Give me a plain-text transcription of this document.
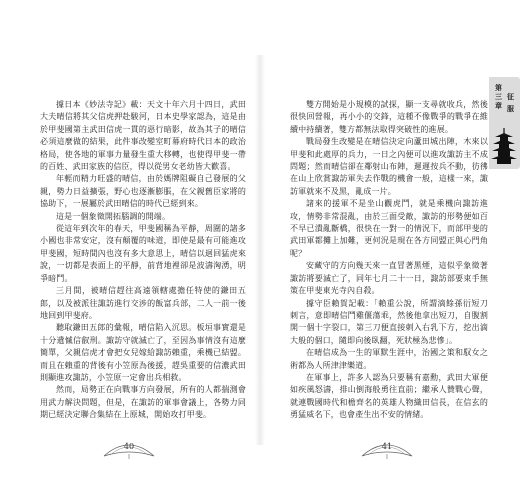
據日本《妙法寺記》載：天文十年六月十四日，武田大夫晴信將其父信虎押赴駿河，日本史學家認為，這是由於甲斐國第主武田信虎一貫的惡行暗影，故為其子的晴信必須這麼做的結果，此件事改變室町幕府時代日本的政治格局，使各地的軍事力量發生重大移轉，也使得甲斐一帶的百姓、武田家族的信臣，得以從男女老幼皆大歡喜。

年輕而精力旺盛的晴信，由於媽牌阻礙自己發展的父親，勢力日益擴張，野心也逐漸膨脹，在父親舊臣家將的協助下，一展屬於武田晴信的時代已經到來。

這是一個象徵開拓腦調的開端。

從這年到次年的春天，甲斐國稱為平靜，周圍的諸多小國也非常安定，沒有顛覆的味道，即使是最有可能進攻甲斐國，短時間內也沒有多大意思上，晴信以迴回猛虎來說，一切都是表面上的平靜，前背地裡卻是波濤洶湧，明爭暗鬥。

三月間，被晴信趕往高遠領轄處擔任特使的鎌田五郎，以及被派往諏訪進行交涉的飯富兵部，二人一前一後地回到甲斐府。

聽取鎌田五郎的彙報，晴信陷入沉思。板垣事實還是十分遺慽信叡刑。諏訪守就滅亡了，至因為事情沒有這麼簡單，父親信虎才會把女兒嫁給諏訪賴重，乘機已結盟。而且在賴重的背後有小笠原為後援，趕吳重要的信濃武田則顯進攻諏訪，小笠原一定會出兵相救。

然而，局勢正在向戰事方向發展，所有的人都揣測會用武力解決問題，但是，在諏訪的軍事會議上，各勢力同期已經決定聯合集結在上原城，開始攻打甲斐。

40

雙方開始是小規模的試探，顯一支尋就收兵，然後很快回營報，再小小的交鋒，這種不像戰爭的戰爭在維續中持續著，雙方都無法取得突破性的進展。

戰局發生改變是在晴信決定向蘆田城出陣，木來以甲斐和此處厚的兵力，一日之內便可以進攻諏訪主不成問題；然而晴信卻在鄰射山布陣，遲遲按兵不動，彷彿在山上欣賞諏訪軍失去作戰的機會一般，這樣一來，諏訪軍就來不及黑，亂成一片。

諸來的援軍不是坐山觀虎鬥，就是乘機向諏訪進攻，情勢非常混亂，由於三面受敵，諏訪的形勢便如百不早已潰亂斷橋，很快在一對一的情況下，而部甲斐的武田軍都攤上加難，更何況是現在各方同盟正與心門角呢？

安藏守的方向幾天來一直冒著黑煙，這似乎象徵著諏訪將要滅亡了，同年七月二十一日，諏訪部要束手無策在甲斐東光寺內自殺。

據守臣賴賀記載：「賴重公說，所謂滴餘孫衍短刀刺言，意即晴信鬥雞偃蕩乖，然後他拿出短刀，自腹割開一個十字裂口，第三刀便直接刺入右乳下方，挖出滴大般的個口，隨即向後臥翻，死狀極為悲慘」。

在晴信成為一生的軍默生涯中，治國之策和馭女之術都為人所津津樂道。

在軍事上，許多人認為只要稱有嘉勳，武田大軍便如疾風怒濤，排山倒海般勇往直前；繼承人贊戰心聲，就連戰國時代和檐齊名的英雄人物織田信長，在信玄的勇猛威名下，也會產生出不安的情緒。

第三章
征服
41
